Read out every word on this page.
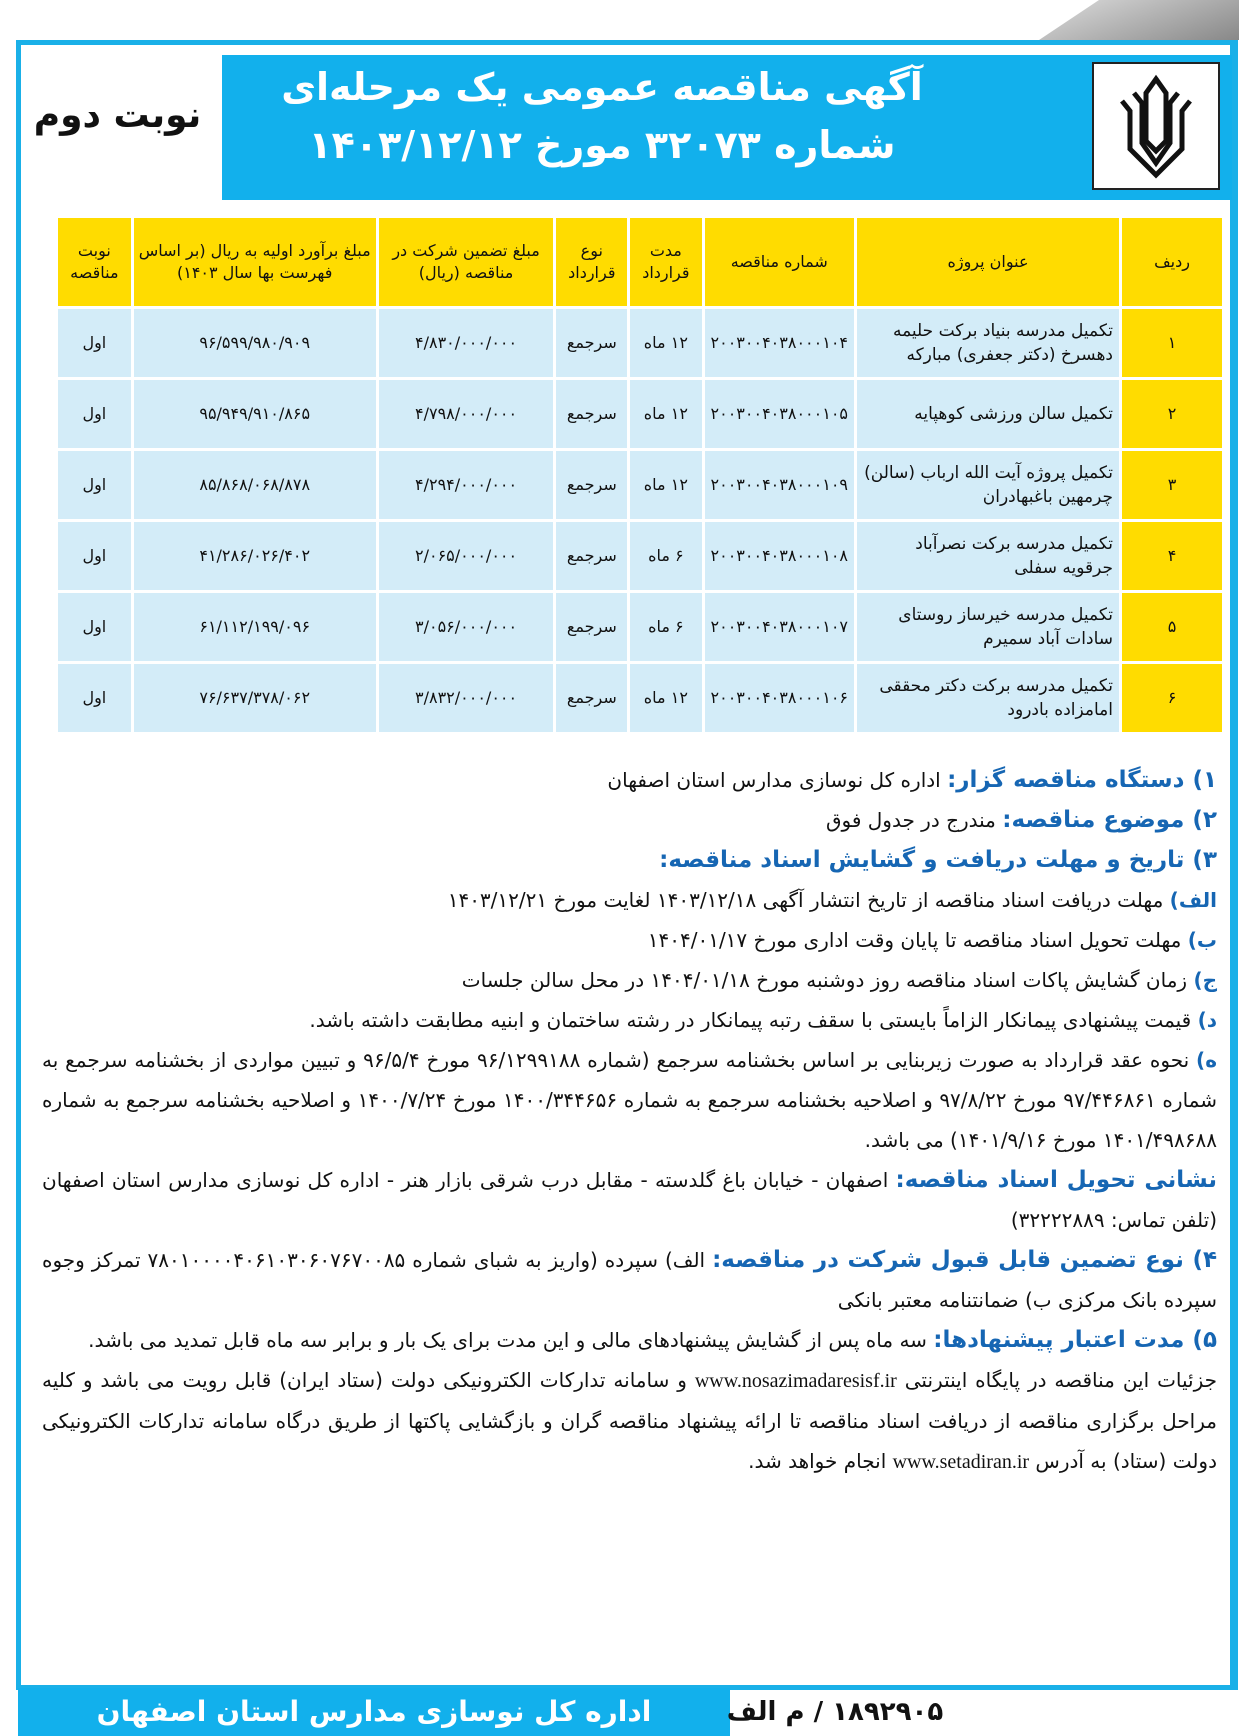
آگهی مناقصه عمومی یک مرحله‌ای
شماره ۳۲۰۷۳ مورخ ۱۴۰۳/۱۲/۱۲
نوبت دوم
ردیف	عنوان پروژه	شماره مناقصه	مدت قرارداد	نوع قرارداد	مبلغ تضمین شرکت در مناقصه (ریال)	مبلغ برآورد اولیه به ریال (بر اساس فهرست بها سال ۱۴۰۳)	نوبت مناقصه
۱	تکمیل مدرسه بنیاد برکت حلیمه دهسرخ (دکتر جعفری) مبارکه	۲۰۰۳۰۰۴۰۳۸۰۰۰۱۰۴	۱۲ ماه	سرجمع	۴/۸۳۰/۰۰۰/۰۰۰	۹۶/۵۹۹/۹۸۰/۹۰۹	اول
۲	تکمیل سالن ورزشی کوهپایه	۲۰۰۳۰۰۴۰۳۸۰۰۰۱۰۵	۱۲ ماه	سرجمع	۴/۷۹۸/۰۰۰/۰۰۰	۹۵/۹۴۹/۹۱۰/۸۶۵	اول
۳	تکمیل پروژه آیت الله ارباب (سالن) چرمهین باغبهادران	۲۰۰۳۰۰۴۰۳۸۰۰۰۱۰۹	۱۲ ماه	سرجمع	۴/۲۹۴/۰۰۰/۰۰۰	۸۵/۸۶۸/۰۶۸/۸۷۸	اول
۴	تکمیل مدرسه برکت نصرآباد جرقویه سفلی	۲۰۰۳۰۰۴۰۳۸۰۰۰۱۰۸	۶ ماه	سرجمع	۲/۰۶۵/۰۰۰/۰۰۰	۴۱/۲۸۶/۰۲۶/۴۰۲	اول
۵	تکمیل مدرسه خیرساز روستای سادات آباد سمیرم	۲۰۰۳۰۰۴۰۳۸۰۰۰۱۰۷	۶ ماه	سرجمع	۳/۰۵۶/۰۰۰/۰۰۰	۶۱/۱۱۲/۱۹۹/۰۹۶	اول
۶	تکمیل مدرسه برکت دکتر محققی امامزاده بادرود	۲۰۰۳۰۰۴۰۳۸۰۰۰۱۰۶	۱۲ ماه	سرجمع	۳/۸۳۲/۰۰۰/۰۰۰	۷۶/۶۳۷/۳۷۸/۰۶۲	اول

۱) دستگاه مناقصه گزار: اداره کل نوسازی مدارس استان اصفهان

۲) موضوع مناقصه: مندرج در جدول فوق

۳) تاریخ و مهلت دریافت و گشایش اسناد مناقصه:

الف) مهلت دریافت اسناد مناقصه از تاریخ انتشار آگهی ۱۴۰۳/۱۲/۱۸ لغایت مورخ ۱۴۰۳/۱۲/۲۱

ب) مهلت تحویل اسناد مناقصه تا پایان وقت اداری مورخ ۱۴۰۴/۰۱/۱۷

ج) زمان گشایش پاکات اسناد مناقصه روز دوشنبه مورخ ۱۴۰۴/۰۱/۱۸ در محل سالن جلسات

د) قیمت پیشنهادی پیمانکار الزاماً بایستی با سقف رتبه پیمانکار در رشته ساختمان و ابنیه مطابقت داشته باشد.

ه) نحوه عقد قرارداد به صورت زیربنایی بر اساس بخشنامه سرجمع (شماره ۹۶/۱۲۹۹۱۸۸ مورخ ۹۶/۵/۴ و تبیین مواردی از بخشنامه سرجمع به شماره ۹۷/۴۴۶۸۶۱ مورخ ۹۷/۸/۲۲ و اصلاحیه بخشنامه سرجمع به شماره ۱۴۰۰/۳۴۴۶۵۶ مورخ ۱۴۰۰/۷/۲۴ و اصلاحیه بخشنامه سرجمع به شماره ۱۴۰۱/۴۹۸۶۸۸ مورخ ۱۴۰۱/۹/۱۶) می باشد.

نشانی تحویل اسناد مناقصه: اصفهان - خیابان باغ گلدسته - مقابل درب شرقی بازار هنر - اداره کل نوسازی مدارس استان اصفهان (تلفن تماس: ۳۲۲۲۲۸۸۹)

۴) نوع تضمین قابل قبول شرکت در مناقصه: الف) سپرده (واریز به شبای شماره ۷۸۰۱۰۰۰۰۴۰۶۱۰۳۰۶۰۷۶۷۰۰۸۵ تمرکز وجوه سپرده بانک مرکزی ب) ضمانتنامه معتبر بانکی

۵) مدت اعتبار پیشنهادها: سه ماه پس از گشایش پیشنهادهای مالی و این مدت برای یک بار و برابر سه ماه قابل تمدید می باشد.

جزئیات این مناقصه در پایگاه اینترنتی www.nosazimadaresisf.ir و سامانه تدارکات الکترونیکی دولت (ستاد ایران) قابل رویت می باشد و کلیه مراحل برگزاری مناقصه از دریافت اسناد مناقصه تا ارائه پیشنهاد مناقصه گران و بازگشایی پاکتها از طریق درگاه سامانه تدارکات الکترونیکی دولت (ستاد) به آدرس www.setadiran.ir انجام خواهد شد.

اداره کل نوسازی مدارس استان اصفهان	۱۸۹۲۹۰۵ / م الف
